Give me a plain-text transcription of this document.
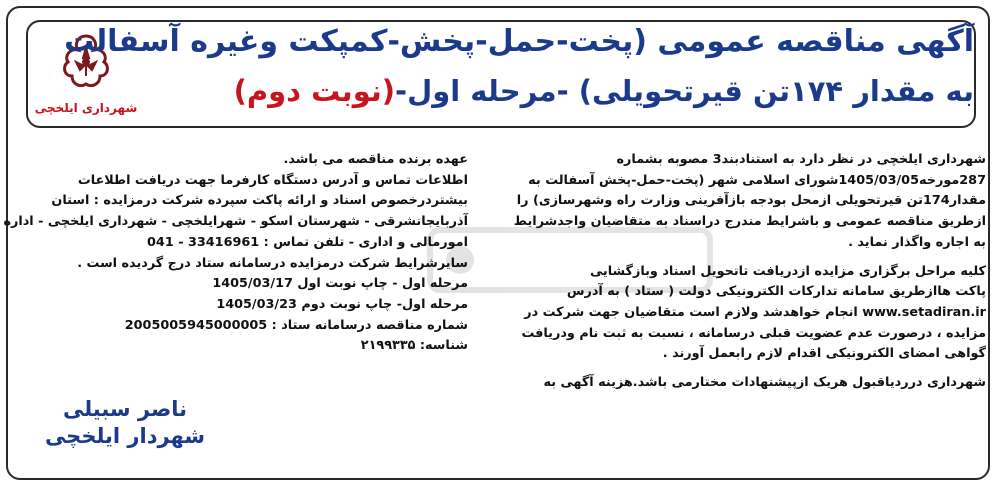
شهرداری ایلخچی
آگهی مناقصه عمومی (پخت-حمل-پخش-کمپکت وغیره آسفالت
به مقدار ۱۷۴تن قیرتحویلی) -مرحله اول-(نوبت دوم)

شهرداری ایلخچی در نظر دارد به استنادبند3 مصوبه بشماره

287مورخه1405/03/05شورای اسلامی شهر (پخت-حمل-پخش آسفالت به

مقدار174تن قیرتحویلی ازمحل بودجه بازآفرینی وزارت راه وشهرسازی) را

ازطریق مناقصه عمومی و باشرایط مندرج دراسناد به متقاضیان واجدشرایط

به اجاره واگذار نماید .

کلیه مراحل برگزاری مزایده ازدریافت تاتحویل اسناد وبازگشایی

پاکت هاازطریق سامانه تدارکات الکترونیکی دولت ( ستاد ) به آدرس

www.setadiran.ir انجام خواهدشد ولازم است متقاضیان جهت شرکت در

مزایده ، درصورت عدم عضویت قبلی درسامانه ، نسبت به ثبت نام ودریافت

گواهی امضای الکترونیکی اقدام لازم رابعمل آورند .

شهرداری درردیاقبول هریک ازپیشنهادات مختارمی باشد.هزینه آگهی به

عهده برنده مناقصه می باشد.

اطلاعات تماس و آدرس دستگاه کارفرما جهت دریافت اطلاعات

بیشتردرخصوص اسناد و ارائه پاکت سپرده شرکت درمزایده : استان

آذربایجانشرقی - شهرستان اسکو - شهرایلخچی - شهرداری ایلخچی - اداره

امورمالی و اداری - تلفن تماس : 33416961 - 041

سایرشرایط شرکت درمزایده درسامانه ستاد درج گردیده است .

مرحله اول - چاپ نوبت اول 1405/03/17

مرحله اول- چاپ نوبت دوم 1405/03/23

شماره مناقصه درسامانه ستاد : 2005005945000005

شناسه: ۲۱۹۹۳۳۵

ناصر سبیلی
شهردار ایلخچی
